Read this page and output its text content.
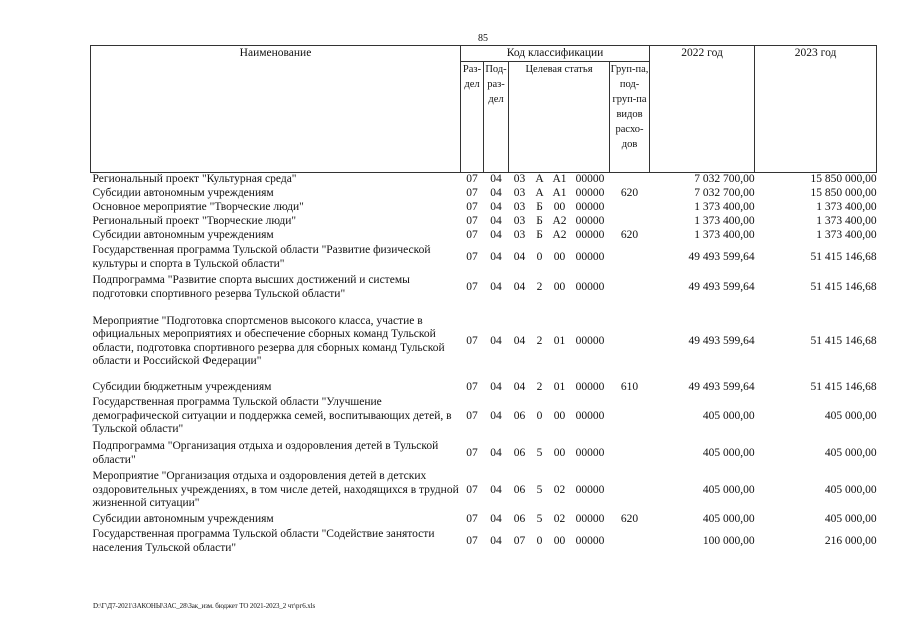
85
Наименование	Код классификации							2022 год	2023 год
	Раз-дел	Под-раз-дел	Целевая статья				Груп-па, под-груп-па видов расхо-дов		
Региональный проект "Культурная среда"	07	04	03	А	А1	00000		7 032 700,00	15 850 000,00
Субсидии автономным учреждениям	07	04	03	А	А1	00000	620	7 032 700,00	15 850 000,00
Основное мероприятие "Творческие люди"	07	04	03	Б	00	00000		1 373 400,00	1 373 400,00
Региональный проект "Творческие люди"	07	04	03	Б	А2	00000		1 373 400,00	1 373 400,00
Субсидии автономным учреждениям	07	04	03	Б	А2	00000	620	1 373 400,00	1 373 400,00
Государственная программа Тульской области "Развитие физической культуры и спорта в Тульской области"	07	04	04	0	00	00000		49 493 599,64	51 415 146,68
Подпрограмма "Развитие спорта высших достижений и системы подготовки спортивного резерва Тульской области"	07	04	04	2	00	00000		49 493 599,64	51 415 146,68
Мероприятие "Подготовка спортсменов высокого класса, участие в официальных мероприятиях и обеспечение сборных команд Тульской области, подготовка спортивного резерва для сборных команд Тульской области и Российской Федерации"	07	04	04	2	01	00000		49 493 599,64	51 415 146,68
Субсидии бюджетным учреждениям	07	04	04	2	01	00000	610	49 493 599,64	51 415 146,68
Государственная программа Тульской области "Улучшение демографической ситуации и поддержка семей, воспитывающих детей, в Тульской области"	07	04	06	0	00	00000		405 000,00	405 000,00
Подпрограмма "Организация отдыха и оздоровления детей в Тульской области"	07	04	06	5	00	00000		405 000,00	405 000,00
Мероприятие "Организация отдыха и оздоровления детей в детских оздоровительных учреждениях, в том числе детей, находящихся в трудной жизненной ситуации"	07	04	06	5	02	00000		405 000,00	405 000,00
Субсидии автономным учреждениям	07	04	06	5	02	00000	620	405 000,00	405 000,00
Государственная программа Тульской области "Содействие занятости населения Тульской области"	07	04	07	0	00	00000		100 000,00	216 000,00
D:\Г\Д7-2021\ЗАКОНЫ\ЗАС_28\Зак_изм. бюджет ТО 2021-2023_2 чт\рг6.xls
